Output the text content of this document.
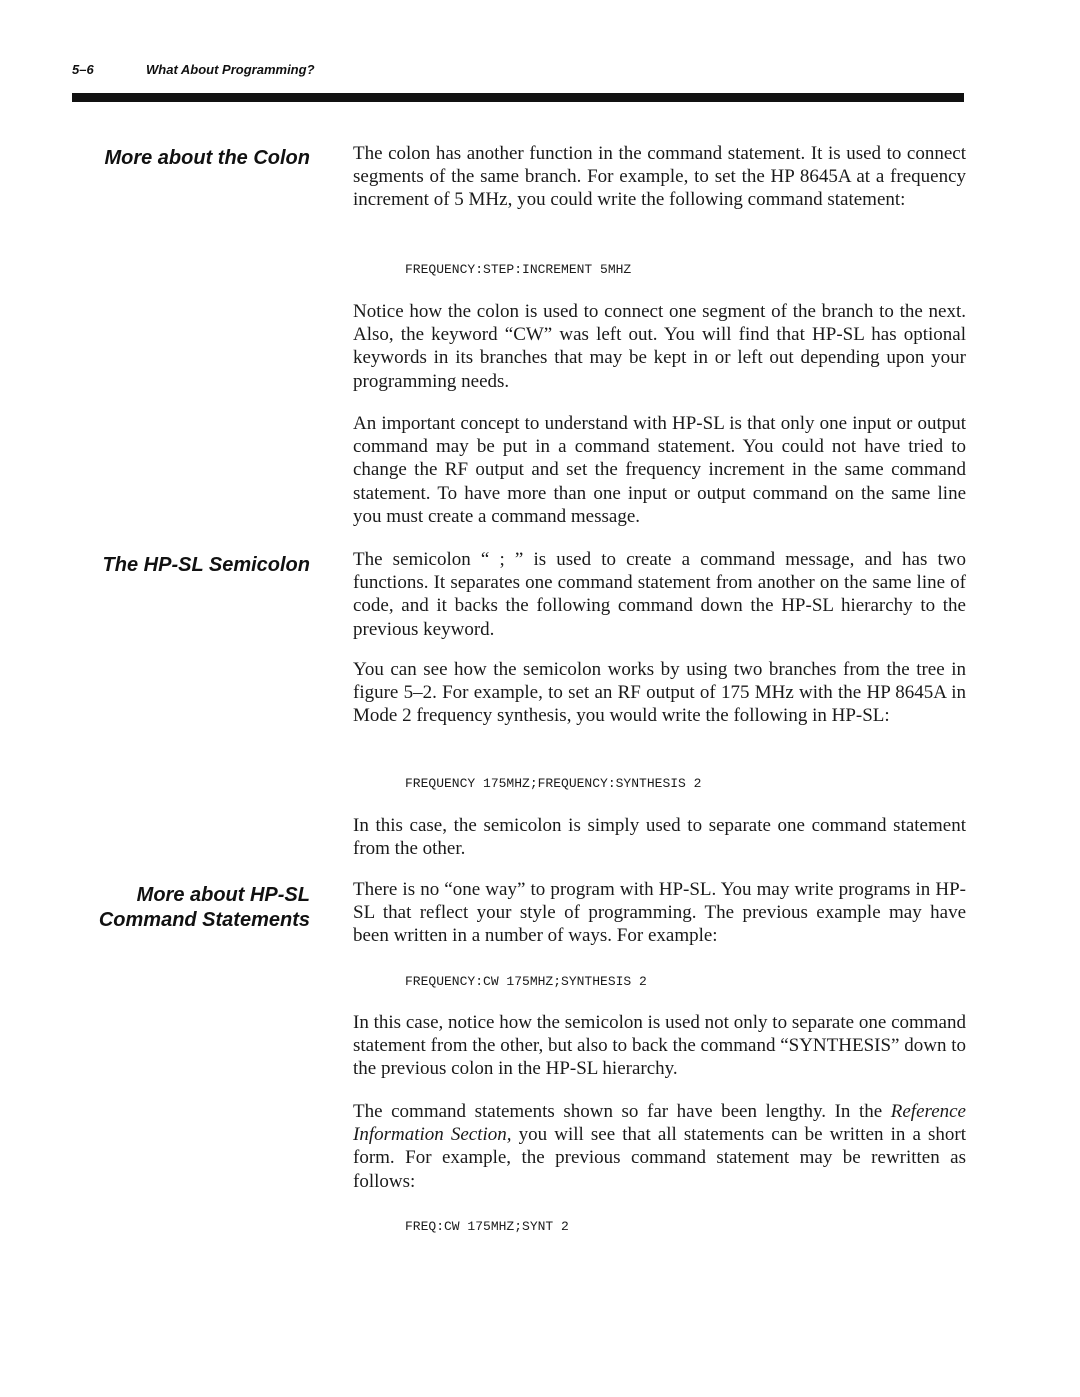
5–6	What About Programming?
More about the Colon The colon has another function in the command statement. It is used to connect segments of the same branch. For example, to set the HP 8645A at a frequency increment of 5 MHz, you could write the following command statement:
FREQUENCY:STEP:INCREMENT 5MHZ
Notice how the colon is used to connect one segment of the branch to the next. Also, the keyword “CW” was left out. You will find that HP-SL has optional keywords in its branches that may be kept in or left out depending upon your programming needs.
An important concept to understand with HP-SL is that only one input or output command may be put in a command statement. You could not have tried to change the RF output and set the frequency increment in the same command statement. To have more than one input or output command on the same line you must create a command message.
The HP-SL Semicolon The semicolon “ ; ” is used to create a command message, and has two functions. It separates one command statement from another on the same line of code, and it backs the following command down the HP-SL hierarchy to the previous keyword.
You can see how the semicolon works by using two branches from the tree in figure 5–2. For example, to set an RF output of 175 MHz with the HP 8645A in Mode 2 frequency synthesis, you would write the following in HP-SL:
FREQUENCY 175MHZ;FREQUENCY:SYNTHESIS 2
In this case, the semicolon is simply used to separate one command statement from the other.
More about HP-SL
Command Statements
There is no “one way” to program with HP-SL. You may write programs in HP-SL that reflect your style of programming. The previous example may have been written in a number of ways. For example:
FREQUENCY:CW 175MHZ;SYNTHESIS 2
In this case, notice how the semicolon is used not only to separate one command statement from the other, but also to back the command “SYNTHESIS” down to the previous colon in the HP-SL hierarchy.
The command statements shown so far have been lengthy. In the Reference Information Section, you will see that all statements can be written in a short form. For example, the previous command statement may be rewritten as follows:
FREQ:CW 175MHZ;SYNT 2
